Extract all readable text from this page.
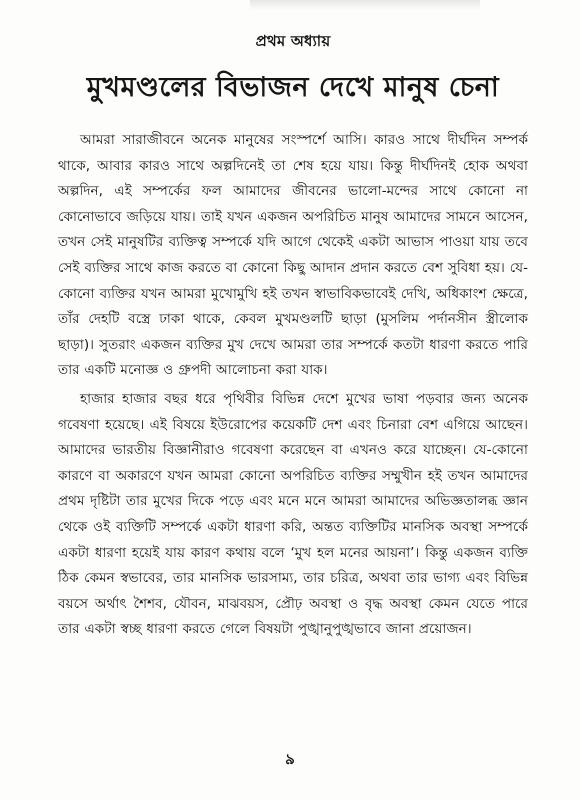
প্রথম অধ্যায়
মুখমণ্ডলের বিভাজন দেখে মানুষ চেনা

আমরা সারাজীবনে অনেক মানুষের সংস্পর্শে আসি। কারও সাথে দীর্ঘদিন সম্পর্ক থাকে, আবার কারও সাথে অল্পদিনেই তা শেষ হয়ে যায়। কিন্তু দীর্ঘদিনই হোক অথবা অল্পদিন, এই সম্পর্কের ফল আমাদের জীবনের ভালো-মন্দের সাথে কোনো না কোনোভাবে জড়িয়ে যায়। তাই যখন একজন অপরিচিত মানুষ আমাদের সামনে আসেন, তখন সেই মানুষটির ব্যক্তিত্ব সম্পর্কে যদি আগে থেকেই একটা আভাস পাওয়া যায় তবে সেই ব্যক্তির সাথে কাজ করতে বা কোনো কিছু আদান প্রদান করতে বেশ সুবিধা হয়। যে-কোনো ব্যক্তির যখন আমরা মুখোমুখি হই তখন স্বাভাবিকভাবেই দেখি, অধিকাংশ ক্ষেত্রে, তাঁর দেহটি বস্ত্রে ঢাকা থাকে, কেবল মুখমণ্ডলটি ছাড়া (মুসলিম পর্দানসীন স্ত্রীলোক ছাড়া)। সুতরাং একজন ব্যক্তির মুখ দেখে আমরা তার সম্পর্কে কতটা ধারণা করতে পারি তার একটি মনোজ্ঞ ও গ্রুপদী আলোচনা করা যাক।

হাজার হাজার বছর ধরে পৃথিবীর বিভিন্ন দেশে মুখের ভাষা পড়বার জন্য অনেক গবেষণা হয়েছে। এই বিষয়ে ইউরোপের কয়েকটি দেশ এবং চিনারা বেশ এগিয়ে আছেন। আমাদের ভারতীয় বিজ্ঞানীরাও গবেষণা করেছেন বা এখনও করে যাচ্ছেন। যে-কোনো কারণে বা অকারণে যখন আমরা কোনো অপরিচিত ব্যক্তির সম্মুখীন হই তখন আমাদের প্রথম দৃষ্টিটা তার মুখের দিকে পড়ে এবং মনে মনে আমরা আমাদের অভিজ্ঞতালব্ধ জ্ঞান থেকে ওই ব্যক্তিটি সম্পর্কে একটা ধারণা করি, অন্তত ব্যক্তিটির মানসিক অবস্থা সম্পর্কে একটা ধারণা হয়েই যায় কারণ কথায় বলে ‘মুখ হল মনের আয়না’। কিন্তু একজন ব্যক্তি ঠিক কেমন স্বভাবের, তার মানসিক ভারসাম্য, তার চরিত্র, অথবা তার ভাগ্য এবং বিভিন্ন বয়সে অর্থাৎ শৈশব, যৌবন, মাঝবয়স, প্রৌঢ় অবস্থা ও বৃদ্ধ অবস্থা কেমন যেতে পারে তার একটা স্বচ্ছ ধারণা করতে গেলে বিষয়টা পুঙ্খানুপুঙ্খভাবে জানা প্রয়োজন।

৯
